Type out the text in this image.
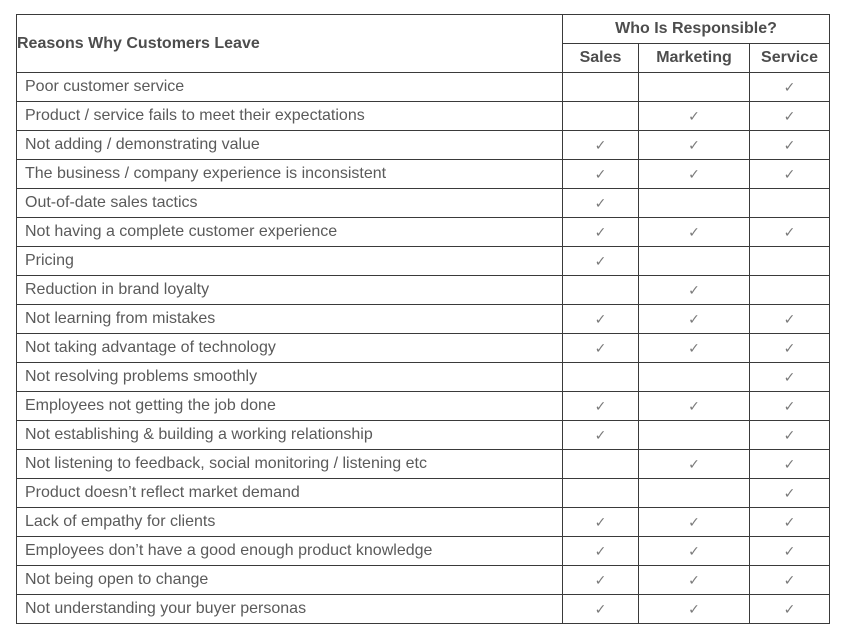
Reasons Why Customers Leave	Who Is Responsible?		
	Sales	Marketing	Service
Poor customer service			✓
Product / service fails to meet their expectations		✓	✓
Not adding / demonstrating value	✓	✓	✓
The business / company experience is inconsistent	✓	✓	✓
Out-of-date sales tactics	✓		
Not having a complete customer experience	✓	✓	✓
Pricing	✓		
Reduction in brand loyalty		✓	
Not learning from mistakes	✓	✓	✓
Not taking advantage of technology	✓	✓	✓
Not resolving problems smoothly			✓
Employees not getting the job done	✓	✓	✓
Not establishing & building a working relationship	✓		✓
Not listening to feedback, social monitoring / listening etc		✓	✓
Product doesn’t reflect market demand			✓
Lack of empathy for clients	✓	✓	✓
Employees don’t have a good enough product knowledge	✓	✓	✓
Not being open to change	✓	✓	✓
Not understanding your buyer personas	✓	✓	✓
